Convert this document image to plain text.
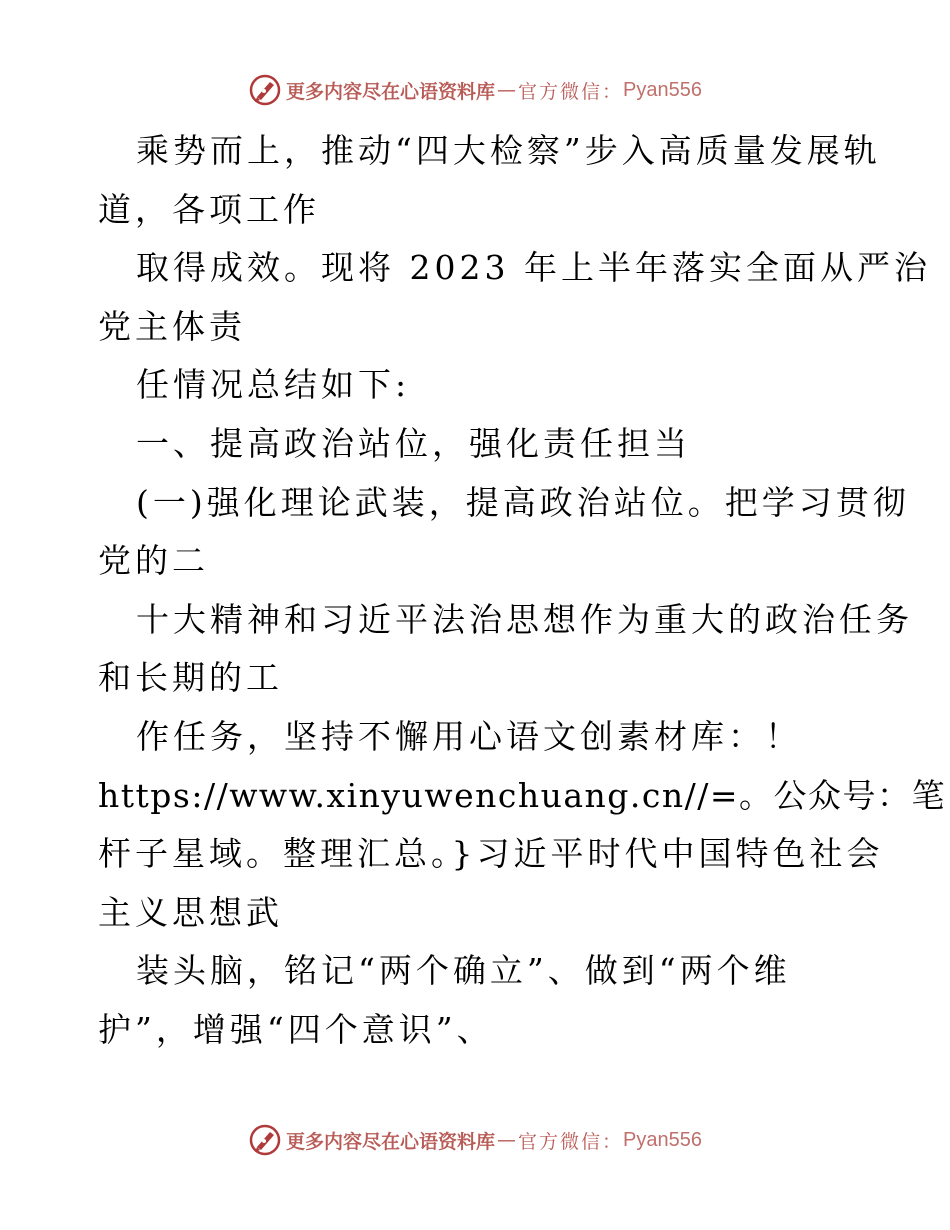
更多内容尽在心语资料库 — 官方微信： Pyan556
乘势而上，推动“四大检察”步入高质量发展轨
道，各项工作
取得成效。现将 2023 年上半年落实全面从严治
党主体责
任情况总结如下:
一、提高政治站位，强化责任担当
(一)强化理论武装，提高政治站位。把学习贯彻
党的二
十大精神和习近平法治思想作为重大的政治任务
和长期的工
作任务，坚持不懈用心语文创素材库：！
https://www.xinyuwenchuang.cn//=。公众号：笔
杆子星域。整理汇总。}习近平时代中国特色社会
主义思想武
装头脑，铭记“两个确立”、做到“两个维
护”，增强“四个意识”、
更多内容尽在心语资料库 — 官方微信： Pyan556
